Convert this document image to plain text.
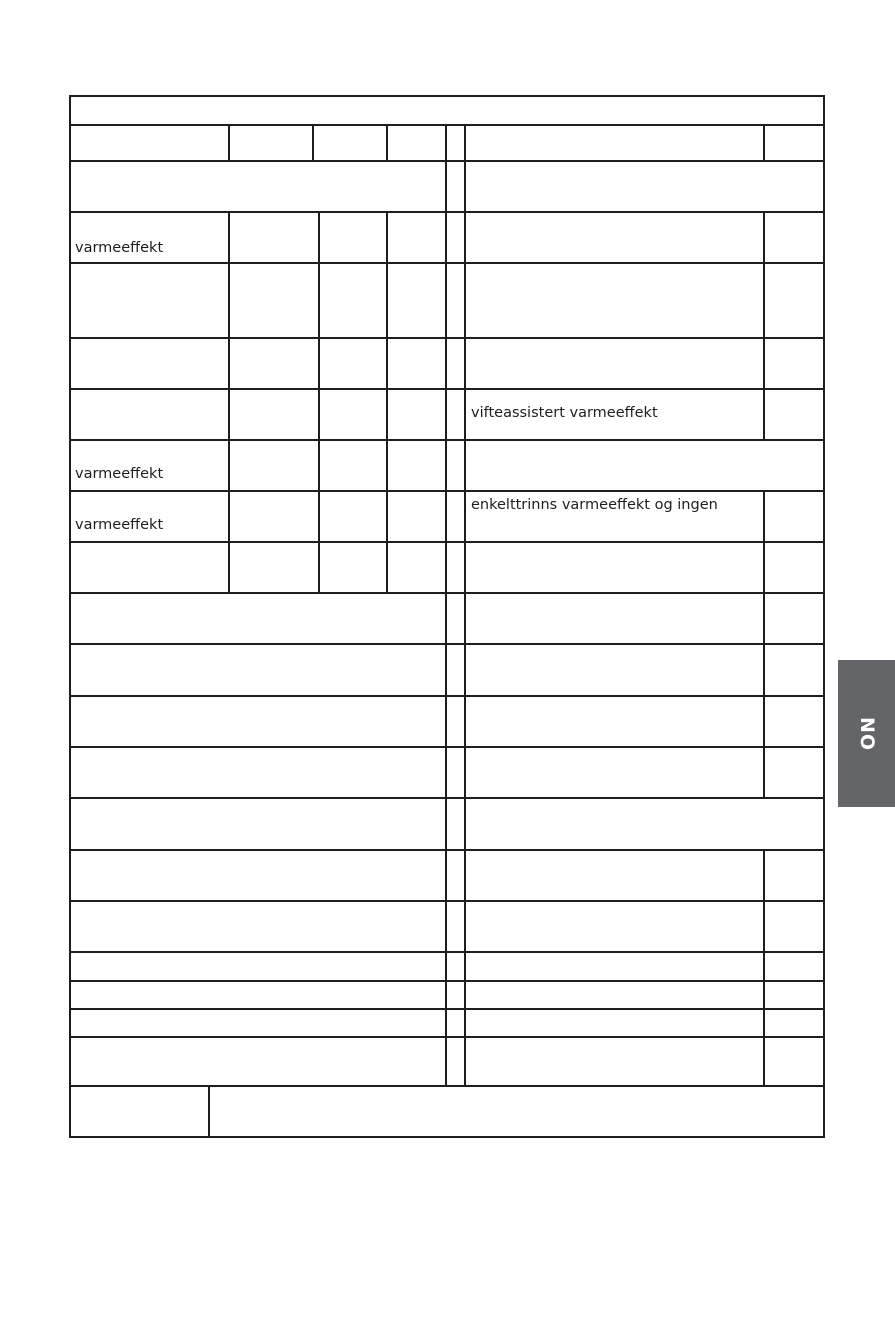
varmeeffekt
varmeeffekt
varmeeffekt
vifteassistert varmeeffekt
enkelttrinns varmeeffekt og ingen
NO
